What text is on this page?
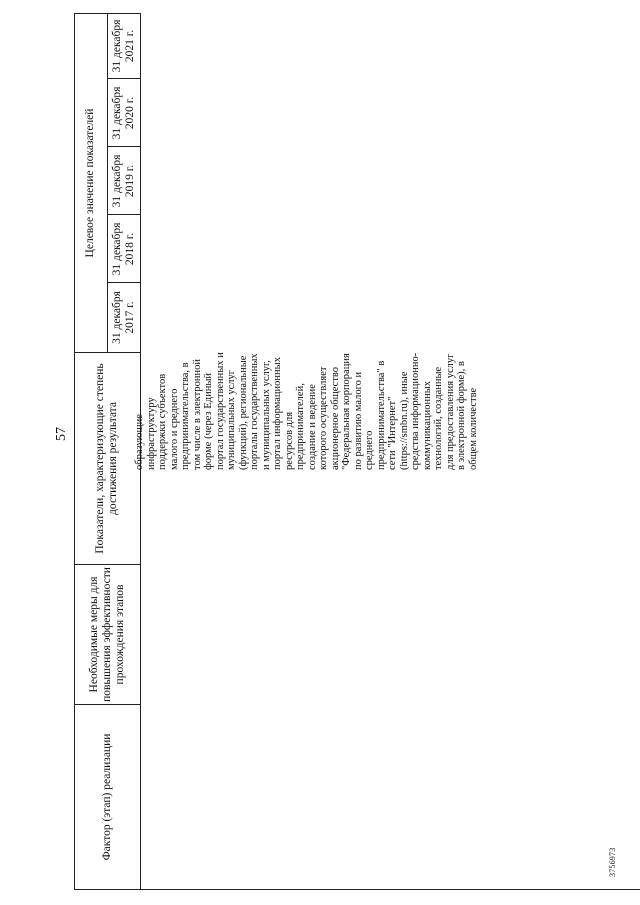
57
Фактор (этап) реализации
Необходимые меры для повышения эффективности прохождения этапов
Показатели, характеризующие степень достижения результата
Целевое значение показателей
31 декабря 2017 г.
31 декабря 2018 г.
31 декабря 2019 г.
31 декабря 2020 г.
31 декабря 2021 г.
образующие инфраструктуру поддержки субъектов малого и среднего предпринимательства, в том числе в электронной форме (через Единый портал государственных и муниципальных услуг (функций), региональные порталы государственных и муниципальных услуг, портал информационных ресурсов для предпринимателей, создание и ведение которого осуществляет акционерное общество "Федеральная корпорация по развитию малого и среднего предпринимательства" в сети "Интернет" (https://smbn.ru), иные средства информационно- коммуникационных технологий, созданные для предоставления услуг в электронной форме), в общем количестве
3756973
